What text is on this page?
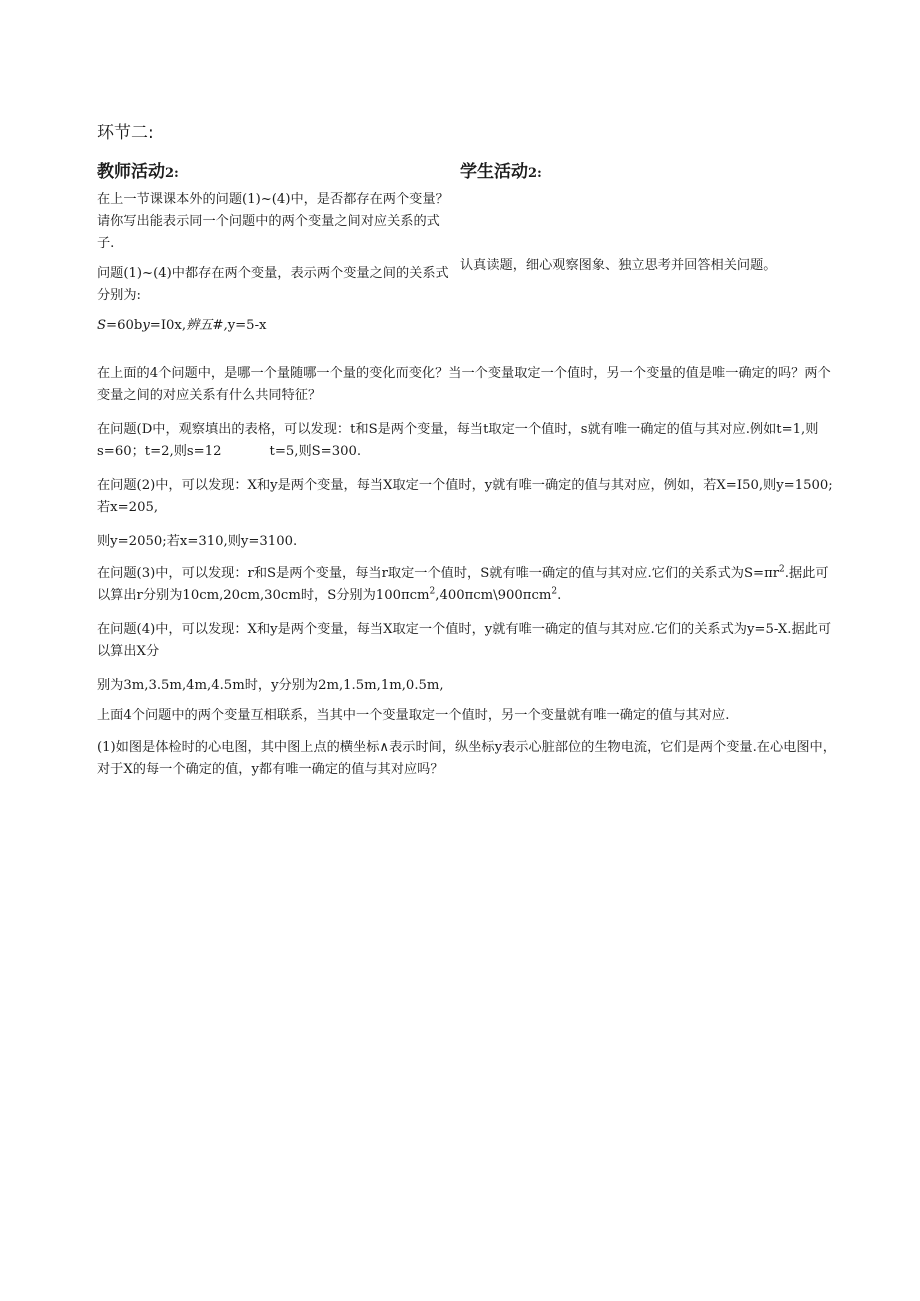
环节二:
教师活动2:	学生活动2:

在上一节课课本外的问题(1)~(4)中，是否都存在两个变量？请你写出能表示同一个问题中的两个变量之间对应关系的式子.

问题(1)~(4)中都存在两个变量，表示两个变量之间的关系式分别为:

S=60by=I0x,辨五#,y=5-x

认真读题，细心观察图象、独立思考并回答相关问题。

在上面的4个问题中，是哪一个量随哪一个量的变化而变化？当一个变量取定一个值时，另一个变量的值是唯一确定的吗？两个变量之间的对应关系有什么共同特征？

在问题(D中，观察填出的表格，可以发现：t和S是两个变量，每当t取定一个值时，s就有唯一确定的值与其对应.例如t=1,则s=60；t=2,则s=12	t=5,则S=300.

在问题(2)中，可以发现：X和y是两个变量，每当X取定一个值时，y就有唯一确定的值与其对应，例如，若X=I50,则y=1500;若x=205,

则y=2050;若x=310,则y=3100.

在问题(3)中，可以发现：r和S是两个变量，每当r取定一个值时，S就有唯一确定的值与其对应.它们的关系式为$S=\pi r^2$.据此可以算出r分别为10cm,20cm,30cm时，S分别为100πcm$^2$,400πcm\900πcm$^2$.

在问题(4)中，可以发现：X和y是两个变量，每当X取定一个值时，y就有唯一确定的值与其对应.它们的关系式为y=5-X.据此可以算出X分

别为3m,3.5m,4m,4.5m时，y分别为2m,1.5m,1m,0.5m,

上面4个问题中的两个变量互相联系，当其中一个变量取定一个值时，另一个变量就有唯一确定的值与其对应.

(1)如图是体检时的心电图，其中图上点的横坐标∧表示时间，纵坐标y表示心脏部位的生物电流，它们是两个变量.在心电图中，对于X的每一个确定的值，y都有唯一确定的值与其对应吗？
